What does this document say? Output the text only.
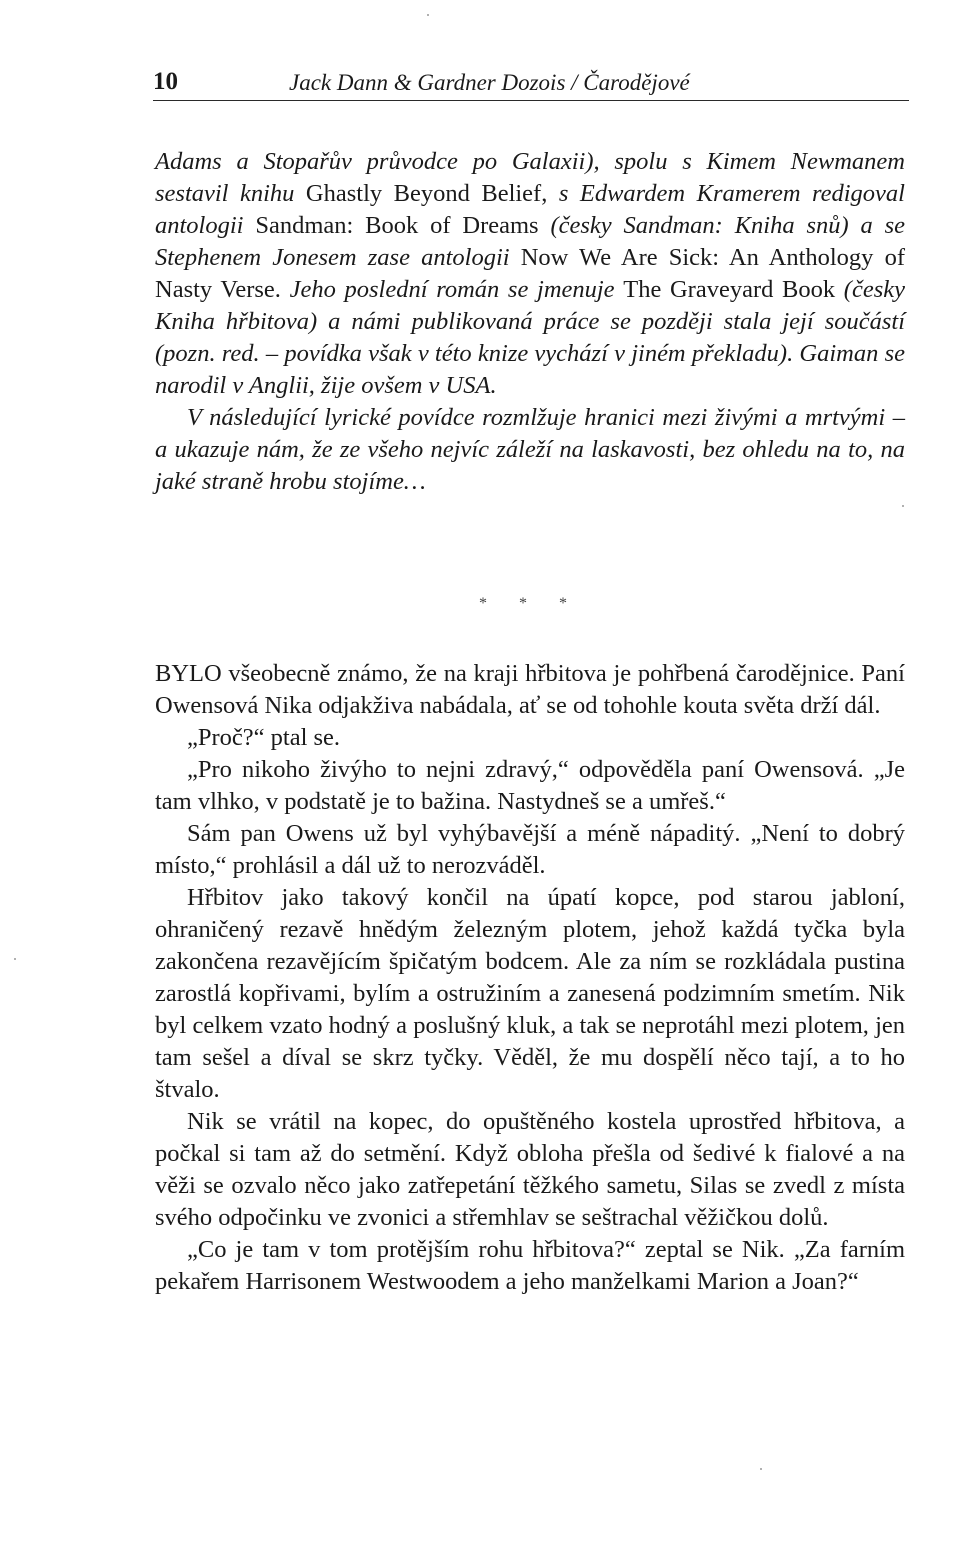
10	Jack Dann & Gardner Dozois / Čarodějové

Adams a Stopařův průvodce po Galaxii), spolu s Kimem Newmanem sestavil knihu Ghastly Beyond Belief, s Edwardem Kramerem redigoval antologii Sandman: Book of Dreams (česky Sandman: Kniha snů) a se Stephenem Jonesem zase antologii Now We Are Sick: An Anthology of Nasty Verse. Jeho poslední román se jmenuje The Graveyard Book (česky Kniha hřbitova) a námi publikovaná práce se později stala její součástí (pozn. red. – povídka však v této knize vychází v jiném překladu). Gaiman se narodil v Anglii, žije ovšem v USA.

V následující lyrické povídce rozmlžuje hranici mezi živými a mrtvými – a ukazuje nám, že ze všeho nejvíc záleží na laskavosti, bez ohledu na to, na jaké straně hrobu stojíme…

* * *

BYLO všeobecně známo, že na kraji hřbitova je pohřbená čarodějnice. Paní Owensová Nika odjakživa nabádala, ať se od tohohle kouta světa drží dál.

„Proč?“ ptal se.

„Pro nikoho živýho to nejni zdravý,“ odpověděla paní Owensová. „Je tam vlhko, v podstatě je to bažina. Nastydneš se a umřeš.“

Sám pan Owens už byl vyhýbavější a méně nápaditý. „Není to dobrý místo,“ prohlásil a dál už to nerozváděl.

Hřbitov jako takový končil na úpatí kopce, pod starou jabloní, ohraničený rezavě hnědým železným plotem, jehož každá tyčka byla zakončena rezavějícím špičatým bodcem. Ale za ním se rozkládala pustina zarostlá kopřivami, bylím a ostružiním a zanesená podzimním smetím. Nik byl celkem vzato hodný a poslušný kluk, a tak se neprotáhl mezi plotem, jen tam sešel a díval se skrz tyčky. Věděl, že mu dospělí něco tají, a to ho štvalo.

Nik se vrátil na kopec, do opuštěného kostela uprostřed hřbitova, a počkal si tam až do setmění. Když obloha přešla od šedivé k fialové a na věži se ozvalo něco jako zatřepetání těžkého sametu, Silas se zvedl z místa svého odpočinku ve zvonici a střemhlav se seštrachal věžičkou dolů.

„Co je tam v tom protějším rohu hřbitova?“ zeptal se Nik. „Za farním pekařem Harrisonem Westwoodem a jeho manželkami Marion a Joan?“
